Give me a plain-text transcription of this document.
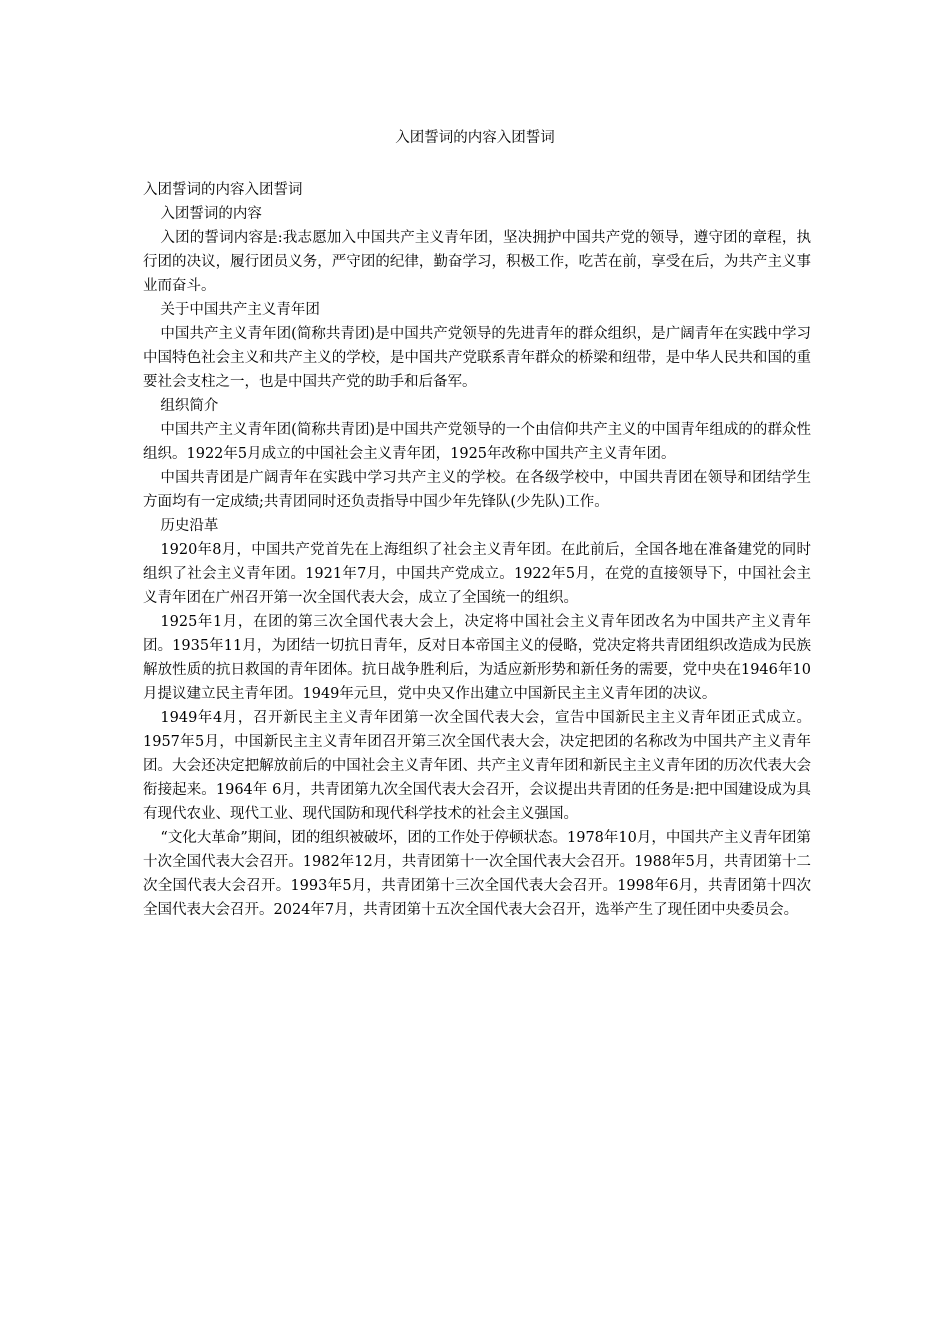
入团誓词的内容入团誓词

入团誓词的内容入团誓词

入团誓词的内容

入团的誓词内容是:我志愿加入中国共产主义青年团，坚决拥护中国共产党的领导，遵守团的章程，执行团的决议，履行团员义务，严守团的纪律，勤奋学习，积极工作，吃苦在前，享受在后，为共产主义事业而奋斗。

关于中国共产主义青年团

中国共产主义青年团(简称共青团)是中国共产党领导的先进青年的群众组织，是广阔青年在实践中学习中国特色社会主义和共产主义的学校，是中国共产党联系青年群众的桥梁和纽带，是中华人民共和国的重要社会支柱之一，也是中国共产党的助手和后备军。

组织简介

中国共产主义青年团(简称共青团)是中国共产党领导的一个由信仰共产主义的中国青年组成的的群众性组织。1922年5月成立的中国社会主义青年团，1925年改称中国共产主义青年团。

中国共青团是广阔青年在实践中学习共产主义的学校。在各级学校中，中国共青团在领导和团结学生方面均有一定成绩;共青团同时还负责指导中国少年先锋队(少先队)工作。

历史沿革

1920年8月，中国共产党首先在上海组织了社会主义青年团。在此前后，全国各地在准备建党的同时组织了社会主义青年团。1921年7月，中国共产党成立。1922年5月，在党的直接领导下，中国社会主义青年团在广州召开第一次全国代表大会，成立了全国统一的组织。

1925年1月，在团的第三次全国代表大会上，决定将中国社会主义青年团改名为中国共产主义青年团。1935年11月，为团结一切抗日青年，反对日本帝国主义的侵略，党决定将共青团组织改造成为民族解放性质的抗日救国的青年团体。抗日战争胜利后，为适应新形势和新任务的需要，党中央在1946年10月提议建立民主青年团。1949年元旦，党中央又作出建立中国新民主主义青年团的决议。

1949年4月，召开新民主主义青年团第一次全国代表大会，宣告中国新民主主义青年团正式成立。1957年5月，中国新民主主义青年团召开第三次全国代表大会，决定把团的名称改为中国共产主义青年团。大会还决定把解放前后的中国社会主义青年团、共产主义青年团和新民主主义青年团的历次代表大会衔接起来。1964年 6月，共青团第九次全国代表大会召开，会议提出共青团的任务是:把中国建设成为具有现代农业、现代工业、现代国防和现代科学技术的社会主义强国。

“文化大革命”期间，团的组织被破坏，团的工作处于停顿状态。1978年10月，中国共产主义青年团第十次全国代表大会召开。1982年12月，共青团第十一次全国代表大会召开。1988年5月，共青团第十二次全国代表大会召开。1993年5月，共青团第十三次全国代表大会召开。1998年6月，共青团第十四次全国代表大会召开。2024年7月，共青团第十五次全国代表大会召开，选举产生了现任团中央委员会。
